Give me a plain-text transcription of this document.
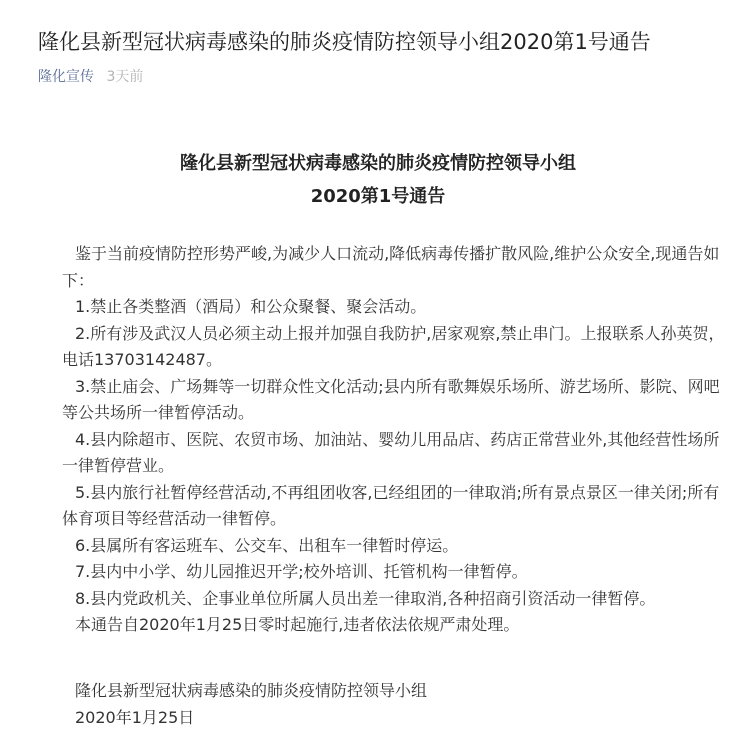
隆化县新型冠状病毒感染的肺炎疫情防控领导小组2020第1号通告
隆化宣传 3天前
隆化县新型冠状病毒感染的肺炎疫情防控领导小组
2020第1号通告

鉴于当前疫情防控形势严峻,为减少人口流动,降低病毒传播扩散风险,维护公众安全,现通告如下：

1.禁止各类整酒（酒局）和公众聚餐、聚会活动。

2.所有涉及武汉人员必须主动上报并加强自我防护,居家观察,禁止串门。上报联系人孙英贺，电话13703142487。

3.禁止庙会、广场舞等一切群众性文化活动;县内所有歌舞娱乐场所、游艺场所、影院、网吧等公共场所一律暂停活动。

4.县内除超市、医院、农贸市场、加油站、婴幼儿用品店、药店正常营业外,其他经营性场所一律暂停营业。

5.县内旅行社暂停经营活动,不再组团收客,已经组团的一律取消;所有景点景区一律关闭;所有体育项目等经营活动一律暂停。

6.县属所有客运班车、公交车、出租车一律暂时停运。

7.县内中小学、幼儿园推迟开学;校外培训、托管机构一律暂停。

8.县内党政机关、企事业单位所属人员出差一律取消,各种招商引资活动一律暂停。

本通告自2020年1月25日零时起施行,违者依法依规严肃处理。

隆化县新型冠状病毒感染的肺炎疫情防控领导小组
2020年1月25日
